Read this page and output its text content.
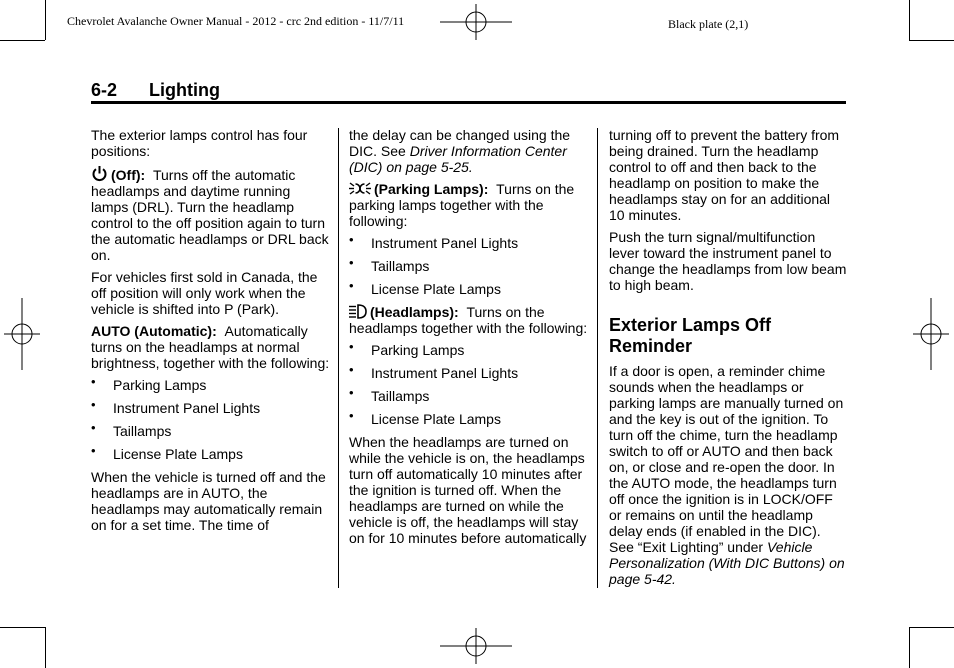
Chevrolet Avalanche Owner Manual - 2012 - crc 2nd edition - 11/7/11	Black plate (2,1)
6-2 Lighting

The exterior lamps control has four positions:

(Off): Turns off the automatic headlamps and daytime running lamps (DRL). Turn the headlamp control to the off position again to turn the automatic headlamps or DRL back on.

For vehicles first sold in Canada, the off position will only work when the vehicle is shifted into P (Park).

AUTO (Automatic): Automatically turns on the headlamps at normal brightness, together with the following:

• Parking Lamps
• Instrument Panel Lights
• Taillamps
• License Plate Lamps

When the vehicle is turned off and the headlamps are in AUTO, the headlamps may automatically remain on for a set time. The time of

the delay can be changed using the DIC. See Driver Information Center (DIC) on page 5-25.

(Parking Lamps): Turns on the parking lamps together with the following:

• Instrument Panel Lights
• Taillamps
• License Plate Lamps

(Headlamps): Turns on the headlamps together with the following:

• Parking Lamps
• Instrument Panel Lights
• Taillamps
• License Plate Lamps

When the headlamps are turned on while the vehicle is on, the headlamps turn off automatically 10 minutes after the ignition is turned off. When the headlamps are turned on while the vehicle is off, the headlamps will stay on for 10 minutes before automatically

turning off to prevent the battery from being drained. Turn the headlamp control to off and then back to the headlamp on position to make the headlamps stay on for an additional 10 minutes.

Push the turn signal/multifunction lever toward the instrument panel to change the headlamps from low beam to high beam.

Exterior Lamps Off Reminder

If a door is open, a reminder chime sounds when the headlamps or parking lamps are manually turned on and the key is out of the ignition. To turn off the chime, turn the headlamp switch to off or AUTO and then back on, or close and re-open the door. In the AUTO mode, the headlamps turn off once the ignition is in LOCK/OFF or remains on until the headlamp delay ends (if enabled in the DIC). See “Exit Lighting” under Vehicle Personalization (With DIC Buttons) on page 5-42.
